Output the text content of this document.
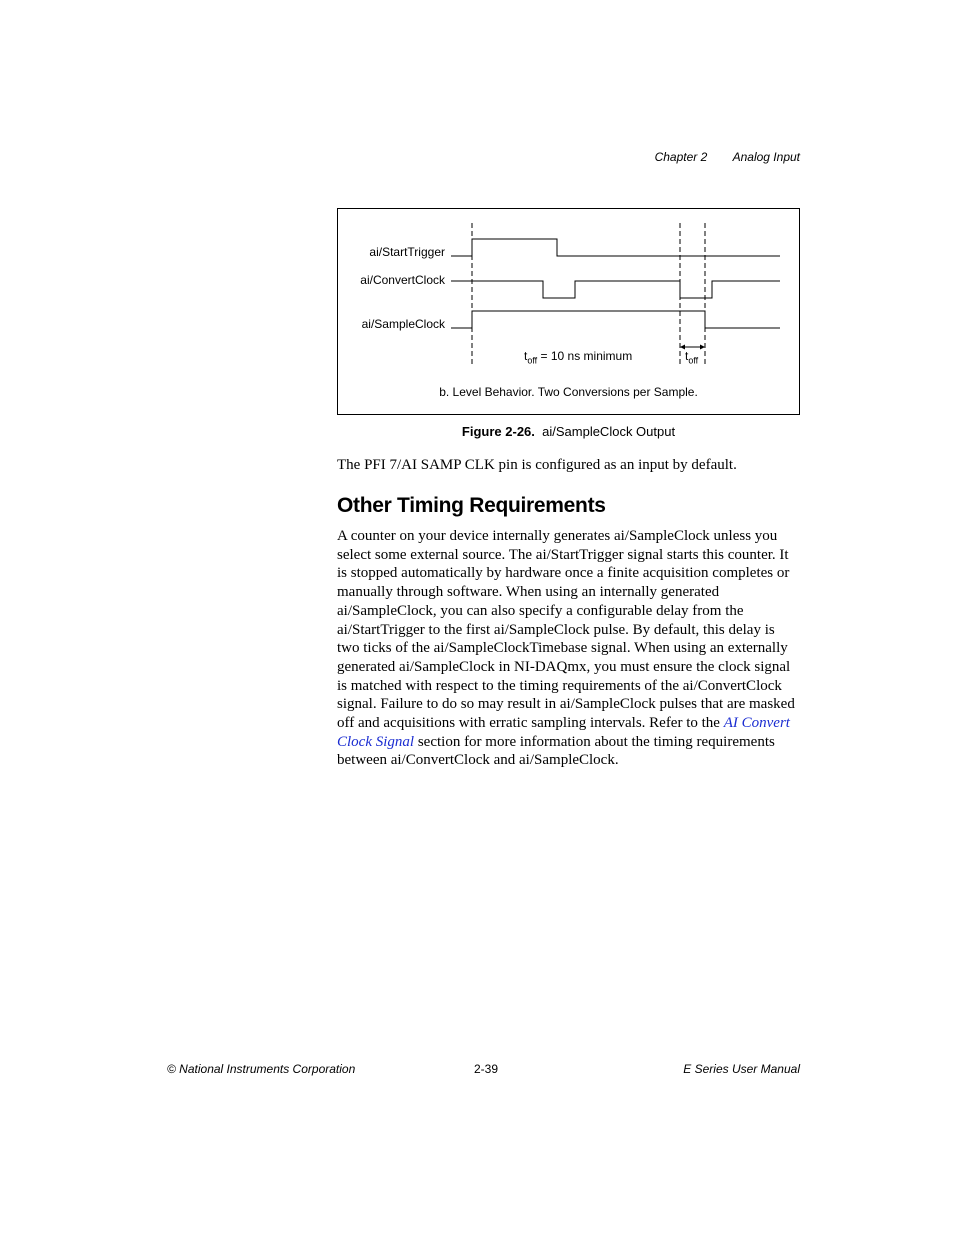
Chapter 2 Analog Input
ai/StartTrigger
ai/ConvertClock
ai/SampleClock
$t_{off} = 10$ ns minimum	$t_{off}$
b. Level Behavior. Two Conversions per Sample.
Figure 2-26. ai/SampleClock Output
The PFI 7/AI SAMP CLK pin is configured as an input by default.
Other Timing Requirements
A counter on your device internally generates ai/SampleClock unless you select some external source. The ai/StartTrigger signal starts this counter. It is stopped automatically by hardware once a finite acquisition completes or manually through software. When using an internally generated ai/SampleClock, you can also specify a configurable delay from the ai/StartTrigger to the first ai/SampleClock pulse. By default, this delay is two ticks of the ai/SampleClockTimebase signal. When using an externally generated ai/SampleClock in NI-DAQmx, you must ensure the clock signal is matched with respect to the timing requirements of the ai/ConvertClock signal. Failure to do so may result in ai/SampleClock pulses that are masked off and acquisitions with erratic sampling intervals. Refer to the AI Convert Clock Signal section for more information about the timing requirements between ai/ConvertClock and ai/SampleClock.
© National Instruments Corporation	2-39	E Series User Manual
